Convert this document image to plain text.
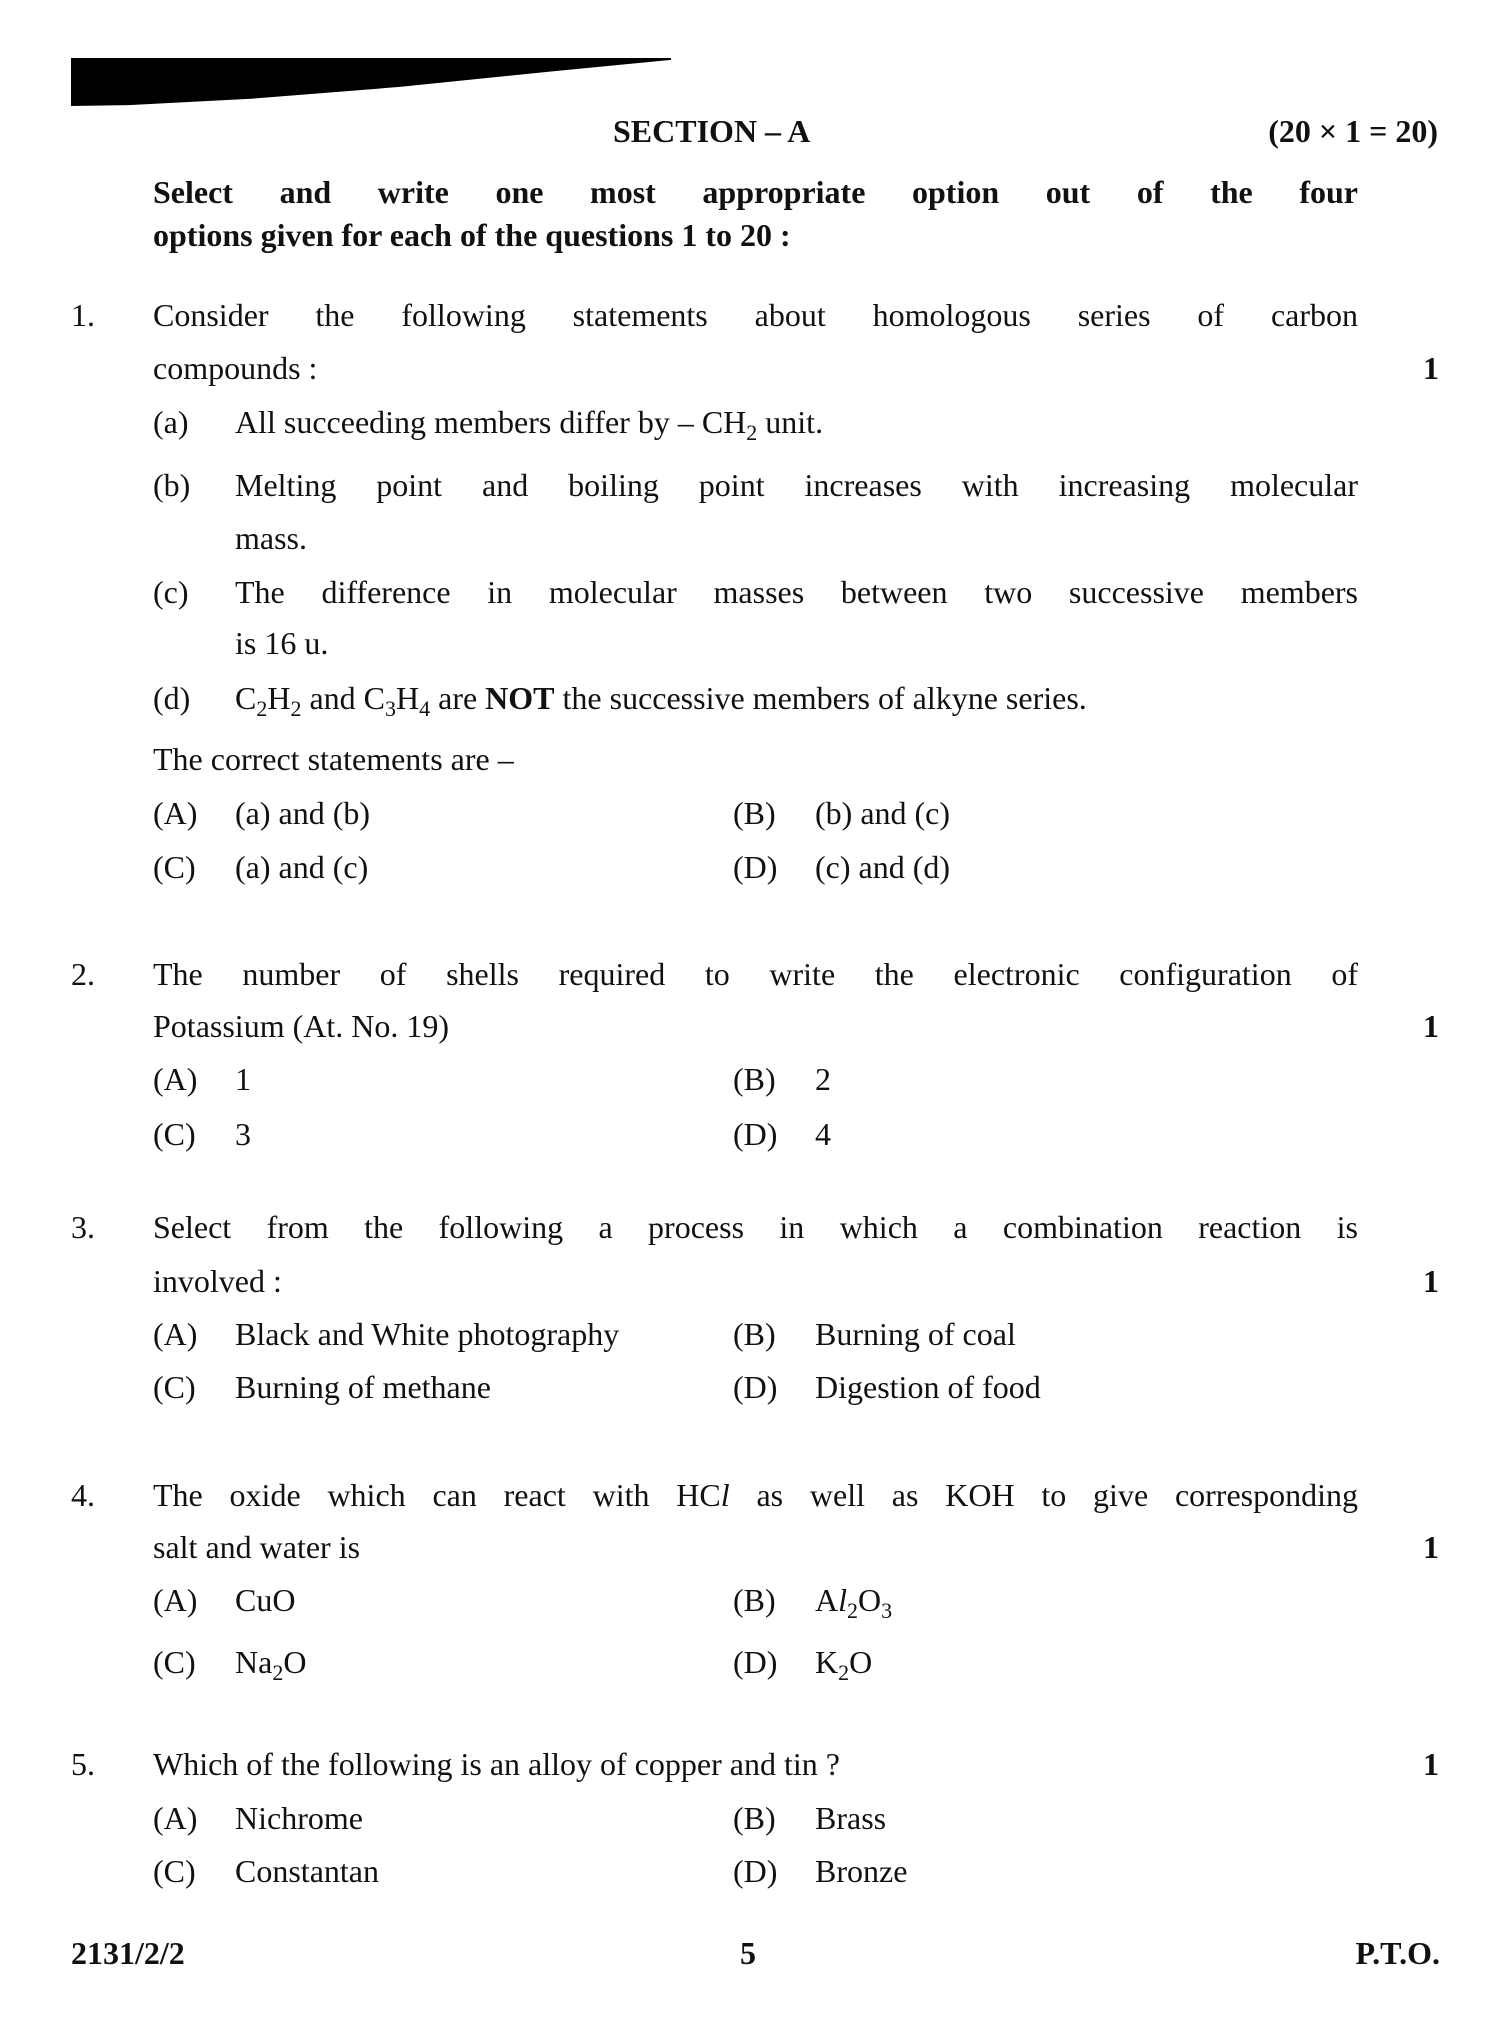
SECTION – A	(20 × 1 = 20)
Select and write one most appropriate option out of the four
options given for each of the questions 1 to 20 :
1. Consider the following statements about homologous series of carbon
compounds :	1
(a) All succeeding members differ by – $CH_2$ unit.
(b) Melting point and boiling point increases with increasing molecular
mass.
(c) The difference in molecular masses between two successive members
is 16 u.
(d) $C_2H_2$ and $C_3H_4$ are NOT the successive members of alkyne series.
The correct statements are –
(A) (a) and (b)	(B) (b) and (c)
(C) (a) and (c)	(D) (c) and (d)
2. The number of shells required to write the electronic configuration of
Potassium (At. No. 19)	1
(A) 1	(B) 2
(C) 3	(D) 4
3. Select from the following a process in which a combination reaction is
involved :	1
(A) Black and White photography	(B) Burning of coal
(C) Burning of methane	(D) Digestion of food
4. The oxide which can react with HCl as well as KOH to give corresponding
salt and water is	1
(A) CuO	(B) $Al_2O_3$
(C) $Na_2O$	(D) $K_2O$
5. Which of the following is an alloy of copper and tin ?	1
(A) Nichrome	(B) Brass
(C) Constantan	(D) Bronze
2131/2/2	5	P.T.O.
